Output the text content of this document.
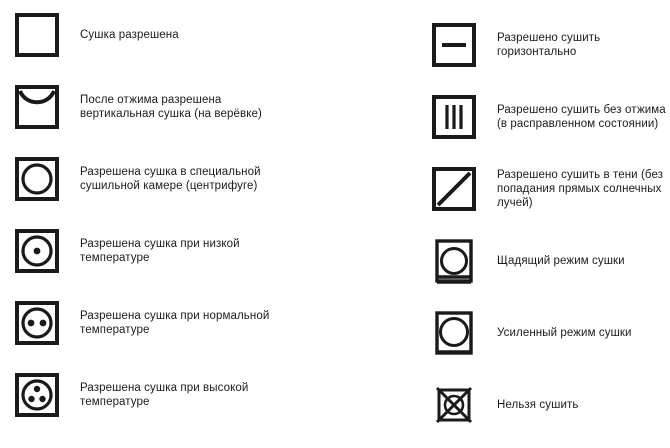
Сушка разрешена
После отжима разрешена вертикальная сушка (на верёвке)
Разрешена сушка в специальной сушильной камере (центрифуге)
Разрешена сушка при низкой температуре
Разрешена сушка при нормальной температуре
Разрешена сушка при высокой температуре
Разрешено сушить горизонтально
Разрешено сушить без отжима (в расправленном состоянии)
Разрешено сушить в тени (без попадания прямых солнечных лучей)
Щадящий режим сушки
Усиленный режим сушки
Нельзя сушить
